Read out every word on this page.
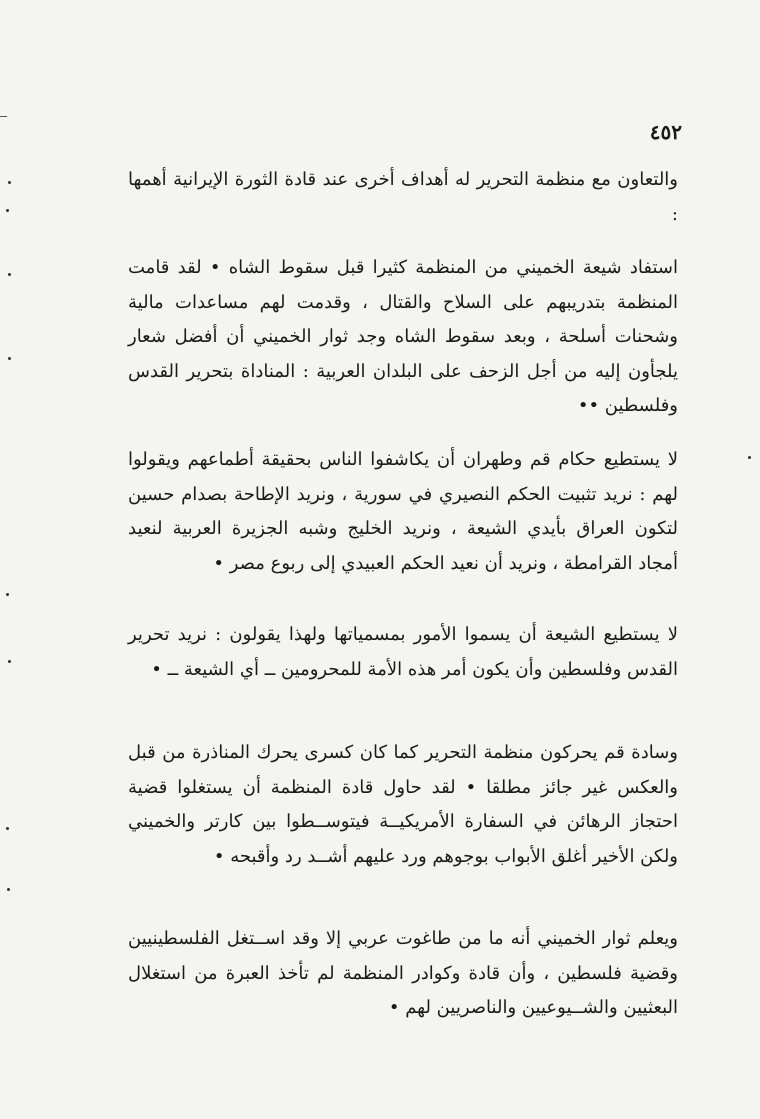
٤٥٢
والتعاون مع منظمة التحرير له أهداف أخرى عند قادة الثورة الإيرانية أهمها :
استفاد شيعة الخميني من المنظمة كثيرا قبل سقوط الشاه • لقد قامت المنظمة بتدريبهم على السلاح والقتال ، وقدمت لهم مساعدات مالية وشحنات أسلحة ، وبعد سقوط الشاه وجد ثوار الخميني أن أفضل شعار يلجأون إليه من أجل الزحف على البلدان العربية : المناداة بتحرير القدس وفلسطين ••
لا يستطيع حكام قم وطهران أن يكاشفوا الناس بحقيقة أطماعهم ويقولوا لهم : نريد تثبيت الحكم النصيري في سورية ، ونريد الإطاحة بصدام حسين لتكون العراق بأيدي الشيعة ، ونريد الخليج وشبه الجزيرة العربية لنعيد أمجاد القرامطة ، ونريد أن نعيد الحكم العبيدي إلى ربوع مصر •
لا يستطيع الشيعة أن يسموا الأمور بمسمياتها ولهذا يقولون : نريد تحرير القدس وفلسطين وأن يكون أمر هذه الأمة للمحرومين ــ أي الشيعة ــ •
وسادة قم يحركون منظمة التحرير كما كان كسرى يحرك المناذرة من قبل والعكس غير جائز مطلقا • لقد حاول قادة المنظمة أن يستغلوا قضية احتجاز الرهائن في السفارة الأمريكيــة فيتوســطوا بين كارتر والخميني ولكن الأخير أغلق الأبواب بوجوهم ورد عليهم أشــد رد وأقبحه •
ويعلم ثوار الخميني أنه ما من طاغوت عربي إلا وقد اســتغل الفلسطينيين وقضية فلسطين ، وأن قادة وكوادر المنظمة لم تأخذ العبرة من استغلال البعثيين والشــيوعيين والناصريين لهم •
